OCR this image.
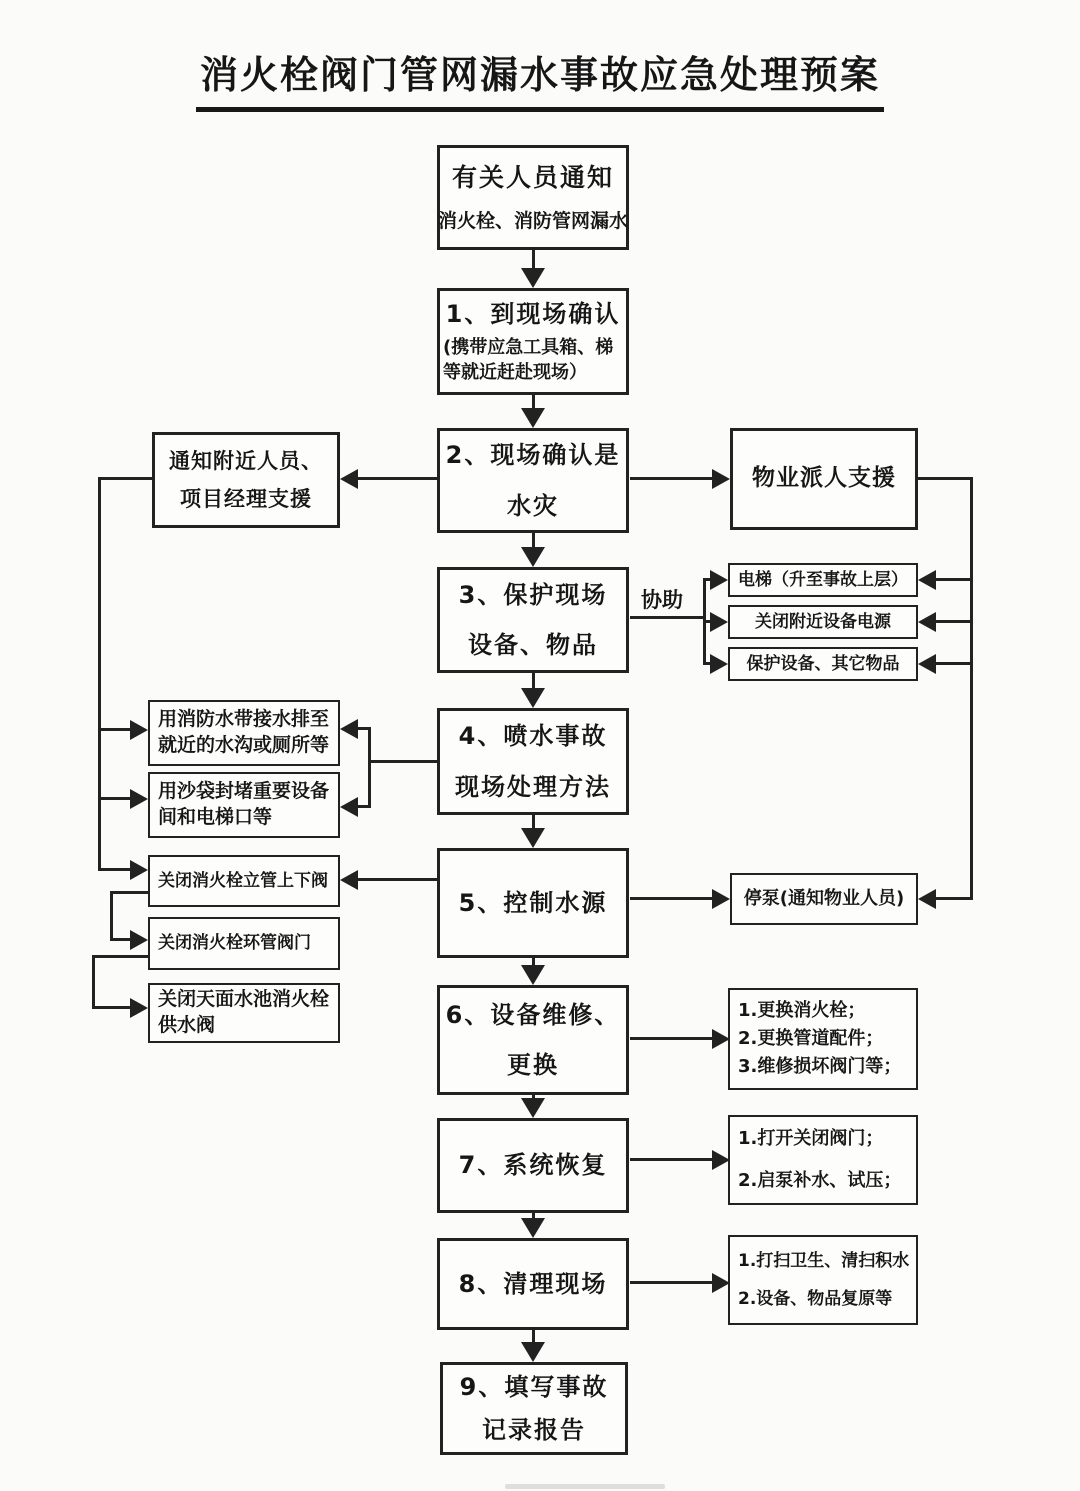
消火栓阀门管网漏水事故应急处理预案
有关人员通知
消火栓、消防管网漏水
1、到现场确认
(携带应急工具箱、梯等就近赶赴现场）
2、现场确认是
水灾
3、保护现场
设备、物品
4、喷水事故
现场处理方法
5、控制水源
6、设备维修、
更换
7、系统恢复
8、清理现场
9、填写事故
记录报告
通知附近人员、
项目经理支援
用消防水带接水排至就近的水沟或厕所等
用沙袋封堵重要设备间和电梯口等
关闭消火栓立管上下阀
关闭消火栓环管阀门
关闭天面水池消火栓供水阀
物业派人支援
电梯（升至事故上层）
关闭附近设备电源
保护设备、其它物品
停泵(通知物业人员)
1.更换消火栓；
2.更换管道配件；
3.维修损坏阀门等；
1.打开关闭阀门；
2.启泵补水、试压；
1.打扫卫生、清扫积水
2.设备、物品复原等
协助
